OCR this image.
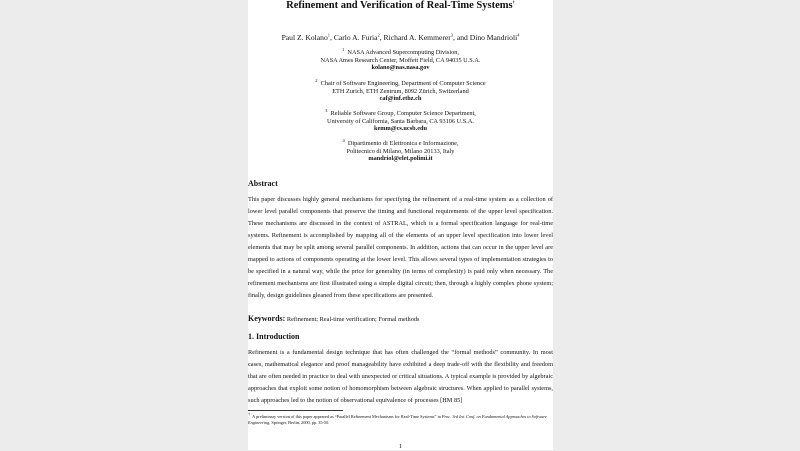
Refinement and Verification of Real-Time Systems†
Paul Z. Kolano$^1$, Carlo A. Furia$^2$, Richard A. Kemmerer$^3$, and Dino Mandrioli$^4$
$^1$ NASA Advanced Supercomputing Division,
NASA Ames Research Center, Moffett Field, CA 94035 U.S.A.
kolano@nas.nasa.gov
$^2$ Chair of Software Engineering, Department of Computer Science
ETH Zurich, ETH Zentrum, 8092 Zürich, Switzerland
caf@inf.ethz.ch
$^3$ Reliable Software Group, Computer Science Department,
University of California, Santa Barbara, CA 93106 U.S.A.
kemm@cs.ucsb.edu
$^4$ Dipartimento di Elettronica e Informazione,
Politecnico di Milano, Milano 20133, Italy
mandriol@elet.polimi.it
Abstract
This paper discusses highly general mechanisms for specifying the refinement of a real-time system as a collection of lower level parallel components that preserve the timing and functional requirements of the upper level specification. These mechanisms are discussed in the context of ASTRAL, which is a formal specification language for real-time systems. Refinement is accomplished by mapping all of the elements of an upper level specification into lower level elements that may be split among several parallel components. In addition, actions that can occur in the upper level are mapped to actions of components operating at the lower level. This allows several types of implementation strategies to be specified in a natural way, while the price for generality (in terms of complexity) is paid only when necessary. The refinement mechanisms are first illustrated using a simple digital circuit; then, through a highly complex phone system; finally, design guidelines gleaned from these specifications are presented.
Keywords: Refinement; Real-time verification; Formal methods
1. Introduction
Refinement is a fundamental design technique that has often challenged the “formal methods” community. In most cases, mathematical elegance and proof manageability have exhibited a deep trade-off with the flexibility and freedom that are often needed in practice to deal with unexpected or critical situations. A typical example is provided by algebraic approaches that exploit some notion of homomorphism between algebraic structures. When applied to parallel systems, such approaches led to the notion of observational equivalence of processes [HM 85]
† A preliminary version of this paper appeared as “Parallel Refinement Mechanisms for Real-Time Systems” in Proc. 3rd Int. Conf. on Fundamental Approaches to Software Engineering, Springer, Berlin, 2000, pp. 35-50.
1
